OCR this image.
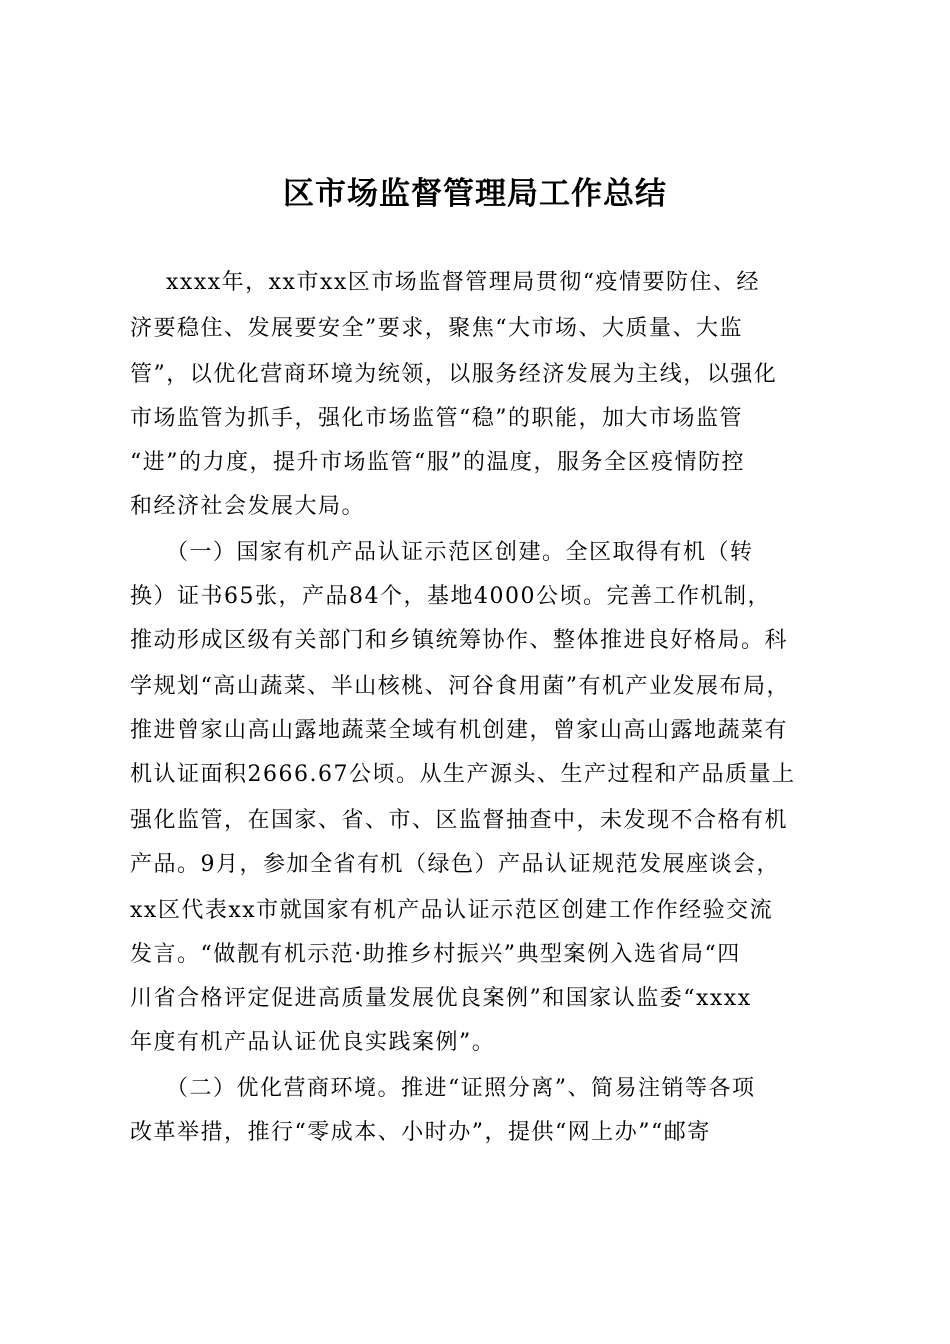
区市场监督管理局工作总结
xxxx年，xx市xx区市场监督管理局贯彻“疫情要防住、经
济要稳住、发展要安全”要求，聚焦“大市场、大质量、大监
管”，以优化营商环境为统领，以服务经济发展为主线，以强化
市场监管为抓手，强化市场监管“稳”的职能，加大市场监管
“进”的力度，提升市场监管“服”的温度，服务全区疫情防控
和经济社会发展大局。
（一）国家有机产品认证示范区创建。全区取得有机（转
换）证书65张，产品84个，基地4000公顷。完善工作机制，
推动形成区级有关部门和乡镇统筹协作、整体推进良好格局。科
学规划“高山蔬菜、半山核桃、河谷食用菌”有机产业发展布局，
推进曾家山高山露地蔬菜全域有机创建，曾家山高山露地蔬菜有
机认证面积2666.67公顷。从生产源头、生产过程和产品质量上
强化监管，在国家、省、市、区监督抽查中，未发现不合格有机
产品。9月，参加全省有机（绿色）产品认证规范发展座谈会，
xx区代表xx市就国家有机产品认证示范区创建工作作经验交流
发言。“做靓有机示范·助推乡村振兴”典型案例入选省局“四
川省合格评定促进高质量发展优良案例”和国家认监委“xxxx
年度有机产品认证优良实践案例”。
（二）优化营商环境。推进“证照分离”、简易注销等各项
改革举措，推行“零成本、小时办”，提供“网上办”“邮寄
